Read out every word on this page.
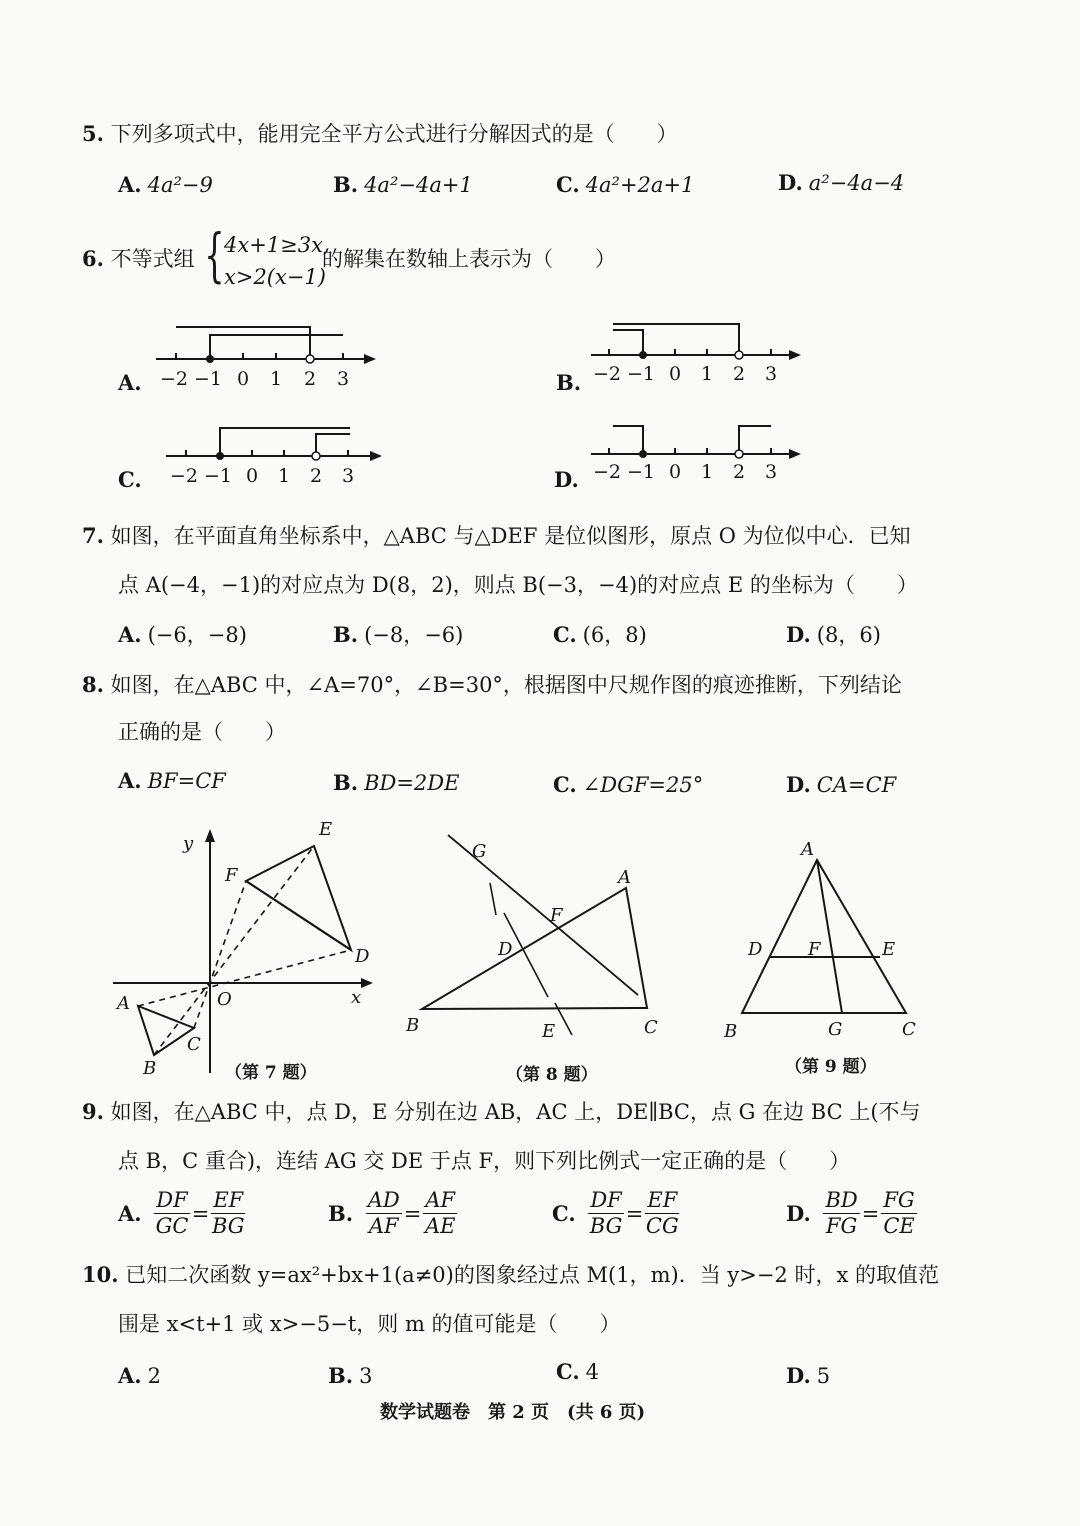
5. 下列多项式中，能用完全平方公式进行分解因式的是（　　）
A. 4a²−9	B. 4a²−4a+1	C. 4a²+2a+1	D. a²−4a−4
6. 不等式组 { 4x+1≥3x,
x>2(x−1)
的解集在数轴上表示为（　　）
−2 −1 0 1 2 3
A.	−2 −1 0 1 2 3
B.
−2 −1 0 1 2 3
C.	−2 −1 0 1 2 3
D.
7. 如图，在平面直角坐标系中，△ABC 与△DEF 是位似图形，原点 O 为位似中心．已知
点 A(−4，−1)的对应点为 D(8，2)，则点 B(−3，−4)的对应点 E 的坐标为（　　）
A. (−6，−8)	B. (−8，−6)	C. (6，8)	D. (8，6)
8. 如图，在△ABC 中，∠A=70°，∠B=30°，根据图中尺规作图的痕迹推断，下列结论
正确的是（　　）
A. BF=CF	B. BD=2DE	C. ∠DGF=25°	D. CA=CF
y
E
F
D
O	x
A
C
B	（第 7 题）
G
A
F
D
B	E	C
（第 8 题）
A
D	F	E
B	G	C
（第 9 题）
9. 如图，在△ABC 中，点 D，E 分别在边 AB，AC 上，DE∥BC，点 G 在边 BC 上(不与
点 B，C 重合)，连结 AG 交 DE 于点 F，则下列比例式一定正确的是（　　）
A. $\frac{DF}{GC} = \frac{EF}{BG}$	B. $\frac{AD}{AF} = \frac{AF}{AE}$	C. $\frac{DF}{BG} = \frac{EF}{CG}$	D. $\frac{BD}{FG} = \frac{FG}{CE}$
10. 已知二次函数 y=ax²+bx+1(a≠0)的图象经过点 M(1，m)．当 y>−2 时，x 的取值范
围是 x<t+1 或 x>−5−t，则 m 的值可能是（　　）
A. 2	B. 3	C. 4	D. 5
数学试题卷　第 2 页　(共 6 页)
